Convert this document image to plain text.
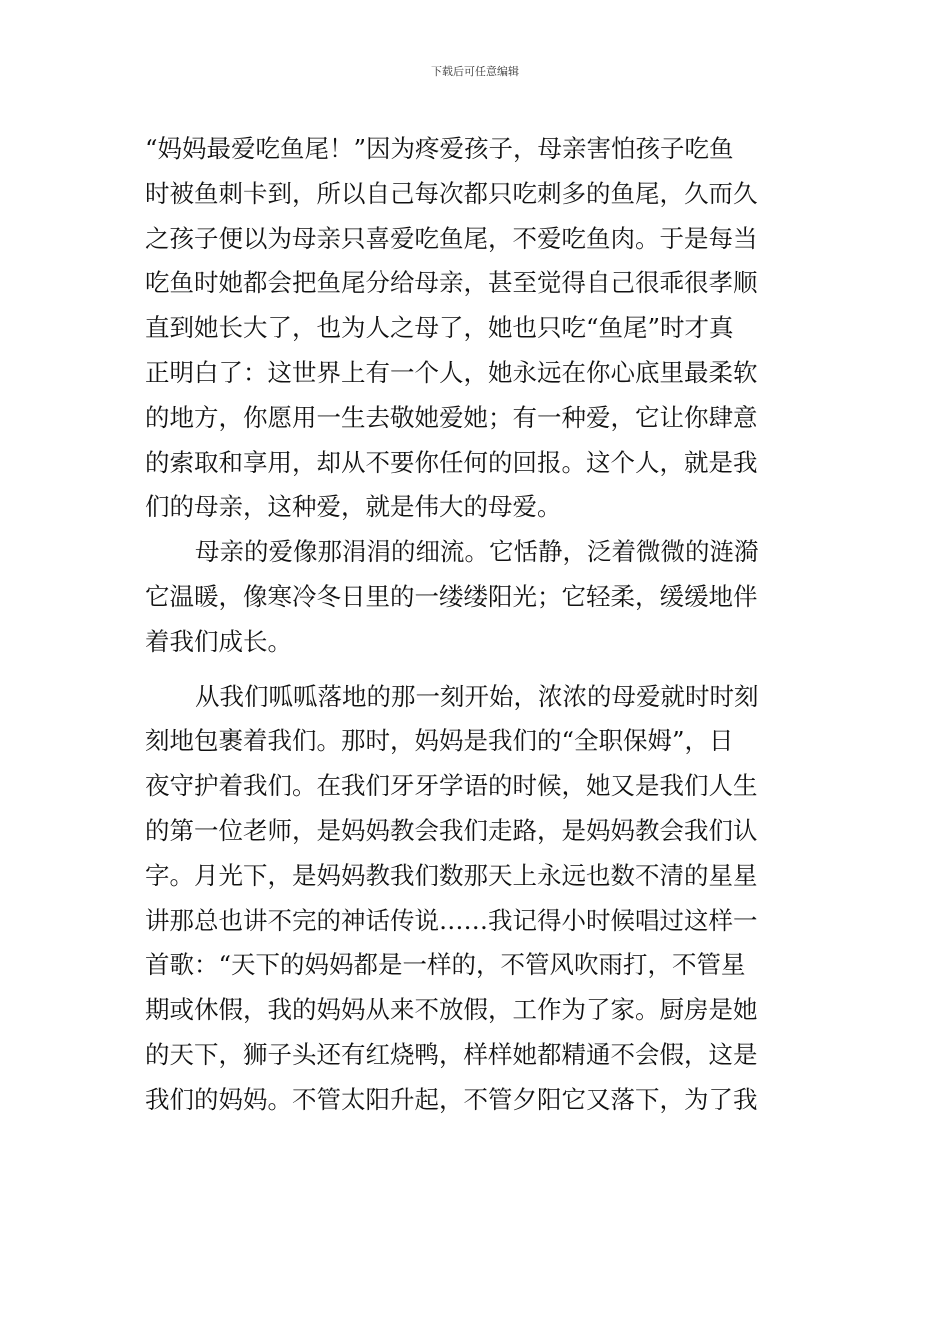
下载后可任意编辑
“妈妈最爱吃鱼尾！”因为疼爱孩子，母亲害怕孩子吃鱼
时被鱼刺卡到，所以自己每次都只吃刺多的鱼尾，久而久
之孩子便以为母亲只喜爱吃鱼尾，不爱吃鱼肉。于是每当
吃鱼时她都会把鱼尾分给母亲，甚至觉得自己很乖很孝顺
直到她长大了，也为人之母了，她也只吃“鱼尾”时才真
正明白了：这世界上有一个人，她永远在你心底里最柔软
的地方，你愿用一生去敬她爱她；有一种爱，它让你肆意
的索取和享用，却从不要你任何的回报。这个人，就是我
们的母亲，这种爱，就是伟大的母爱。
母亲的爱像那涓涓的细流。它恬静，泛着微微的涟漪
它温暖，像寒冷冬日里的一缕缕阳光；它轻柔，缓缓地伴
着我们成长。
从我们呱呱落地的那一刻开始，浓浓的母爱就时时刻
刻地包裹着我们。那时，妈妈是我们的“全职保姆”，日
夜守护着我们。在我们牙牙学语的时候，她又是我们人生
的第一位老师，是妈妈教会我们走路，是妈妈教会我们认
字。月光下，是妈妈教我们数那天上永远也数不清的星星
讲那总也讲不完的神话传说……我记得小时候唱过这样一
首歌：“天下的妈妈都是一样的，不管风吹雨打，不管星
期或休假，我的妈妈从来不放假，工作为了家。厨房是她
的天下，狮子头还有红烧鸭，样样她都精通不会假，这是
我们的妈妈。不管太阳升起，不管夕阳它又落下，为了我
